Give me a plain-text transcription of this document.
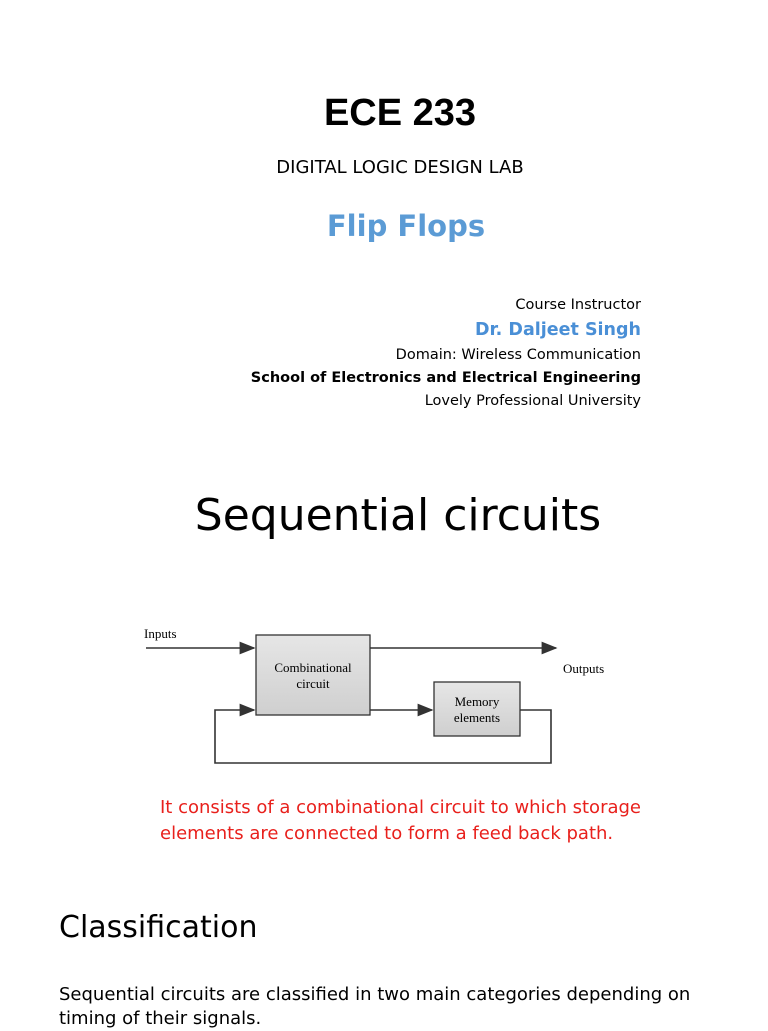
ECE 233
DIGITAL LOGIC DESIGN LAB
Flip Flops
Course Instructor
Dr. Daljeet Singh
Domain: Wireless Communication
School of Electronics and Electrical Engineering
Lovely Professional University
Sequential circuits
Inputs
Combinational
circuit
Outputs
Memory
elements
It consists of a combinational circuit to which storage
elements are connected to form a feed back path.
Classification
Sequential circuits are classified in two main categories depending on
timing of their signals.
